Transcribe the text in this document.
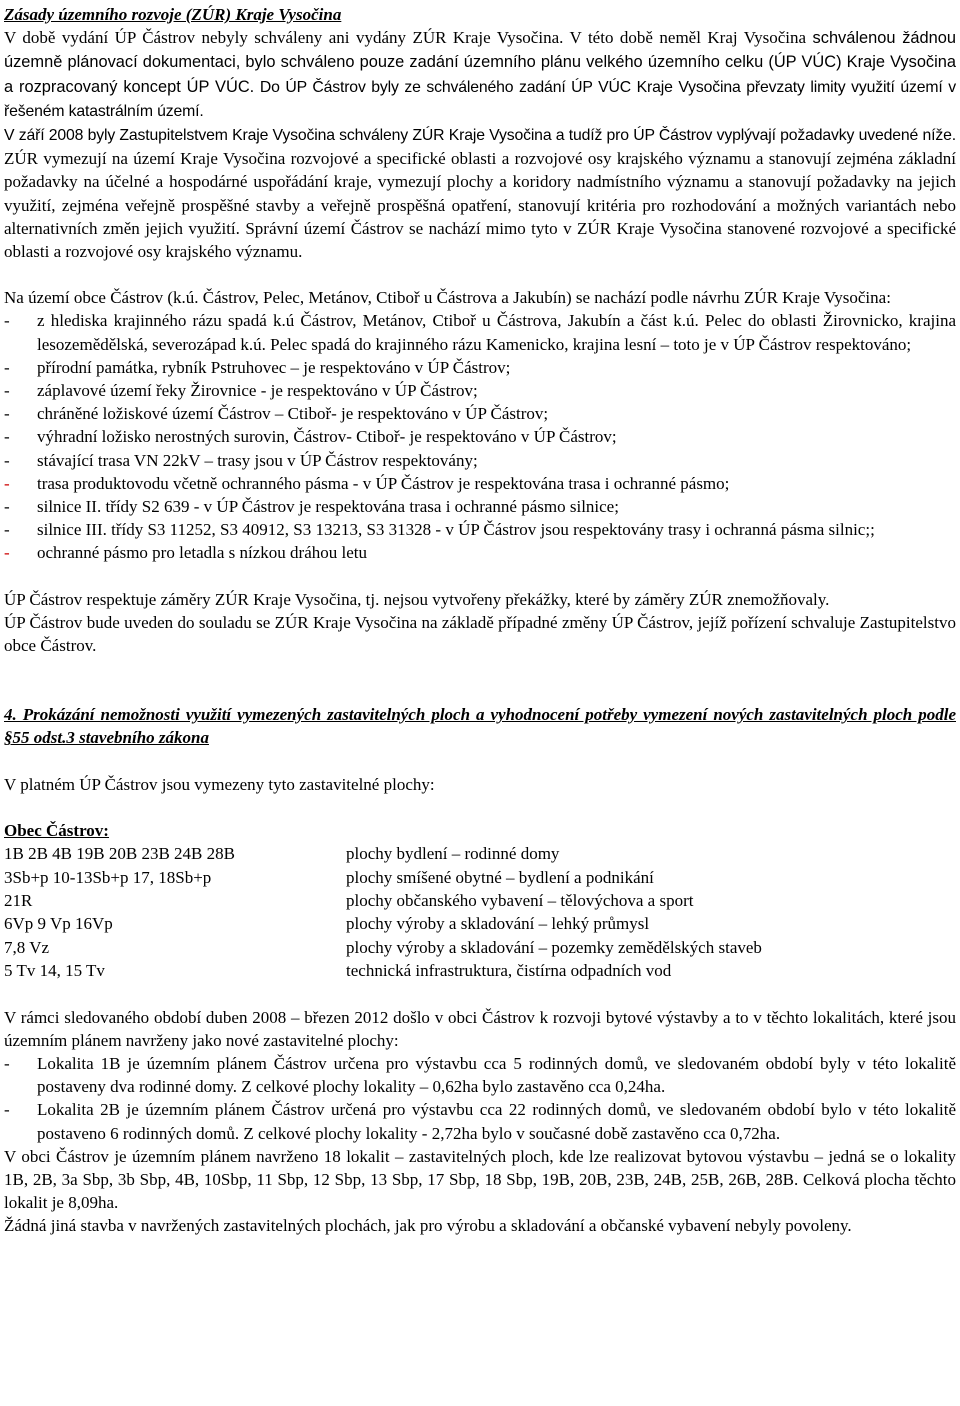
Zásady územního rozvoje (ZÚR) Kraje Vysočina

V době vydání ÚP Částrov nebyly schváleny ani vydány ZÚR Kraje Vysočina. V této době neměl Kraj Vysočina schválenou žádnou územně plánovací dokumentaci, bylo schváleno pouze zadání územního plánu velkého územního celku (ÚP VÚC) Kraje Vysočina a rozpracovaný koncept ÚP VÚC. Do ÚP Částrov byly ze schváleného zadání ÚP VÚC Kraje Vysočina převzaty limity využití území v řešeném katastrálním území.

V září 2008 byly Zastupitelstvem Kraje Vysočina schváleny ZÚR Kraje Vysočina a tudíž pro ÚP Částrov vyplývají požadavky uvedené níže. ZÚR vymezují na území Kraje Vysočina rozvojové a specifické oblasti a rozvojové osy krajského významu a stanovují zejména základní požadavky na účelné a hospodárné uspořádání kraje, vymezují plochy a koridory nadmístního významu a stanovují požadavky na jejich využití, zejména veřejně prospěšné stavby a veřejně prospěšná opatření, stanovují kritéria pro rozhodování a možných variantách nebo alternativních změn jejich využití. Správní území Částrov se nachází mimo tyto v ZÚR Kraje Vysočina stanovené rozvojové a specifické oblasti a rozvojové osy krajského významu.

Na území obce Částrov (k.ú. Částrov, Pelec, Metánov, Ctiboř u Částrova a Jakubín) se nachází podle návrhu ZÚR Kraje Vysočina:

- z hlediska krajinného rázu spadá k.ú Částrov, Metánov, Ctiboř u Částrova, Jakubín a část k.ú. Pelec do oblasti Žirovnicko, krajina lesozemědělská, severozápad k.ú. Pelec spadá do krajinného rázu Kamenicko, krajina lesní – toto je v ÚP Částrov respektováno;
- přírodní památka, rybník Pstruhovec – je respektováno v ÚP Částrov;
- záplavové území řeky Žirovnice - je respektováno v ÚP Částrov;
- chráněné ložiskové území Částrov – Ctiboř- je respektováno v ÚP Částrov;
- výhradní ložisko nerostných surovin, Částrov- Ctiboř- je respektováno v ÚP Částrov;
- stávající trasa VN 22kV – trasy jsou v ÚP Částrov respektovány;
- trasa produktovodu včetně ochranného pásma - v ÚP Částrov je respektována trasa i ochranné pásmo;
- silnice II. třídy S2 639 - v ÚP Částrov je respektována trasa i ochranné pásmo silnice;
- silnice III. třídy S3 11252, S3 40912, S3 13213, S3 31328 - v ÚP Částrov jsou respektovány trasy i ochranná pásma silnic;;
- ochranné pásmo pro letadla s nízkou dráhou letu

ÚP Částrov respektuje záměry ZÚR Kraje Vysočina, tj. nejsou vytvořeny překážky, které by záměry ZÚR znemožňovaly.

ÚP Částrov bude uveden do souladu se ZÚR Kraje Vysočina na základě případné změny ÚP Částrov, jejíž pořízení schvaluje Zastupitelstvo obce Částrov.

4. Prokázání nemožnosti využití vymezených zastavitelných ploch a vyhodnocení potřeby vymezení nových zastavitelných ploch podle §55 odst.3 stavebního zákona

V platném ÚP Částrov jsou vymezeny tyto zastavitelné plochy:

Obec Částrov:

1B 2B 4B 19B 20B 23B 24B 28B	plochy bydlení – rodinné domy
3Sb+p 10-13Sb+p 17, 18Sb+p	plochy smíšené obytné – bydlení a podnikání
21R	plochy občanského vybavení – tělovýchova a sport
6Vp 9 Vp 16Vp	plochy výroby a skladování – lehký průmysl
7,8 Vz	plochy výroby a skladování – pozemky zemědělských staveb
5 Tv 14, 15 Tv	technická infrastruktura, čistírna odpadních vod

V rámci sledovaného období duben 2008 – březen 2012 došlo v obci Částrov k rozvoji bytové výstavby a to v těchto lokalitách, které jsou územním plánem navrženy jako nové zastavitelné plochy:

- Lokalita 1B je územním plánem Částrov určena pro výstavbu cca 5 rodinných domů, ve sledovaném období byly v této lokalitě postaveny dva rodinné domy. Z celkové plochy lokality – 0,62ha bylo zastavěno cca 0,24ha.
- Lokalita 2B je územním plánem Částrov určená pro výstavbu cca 22 rodinných domů, ve sledovaném období bylo v této lokalitě postaveno 6 rodinných domů. Z celkové plochy lokality - 2,72ha bylo v současné době zastavěno cca 0,72ha.

V obci Částrov je územním plánem navrženo 18 lokalit – zastavitelných ploch, kde lze realizovat bytovou výstavbu – jedná se o lokality 1B, 2B, 3a Sbp, 3b Sbp, 4B, 10Sbp, 11 Sbp, 12 Sbp, 13 Sbp, 17 Sbp, 18 Sbp, 19B, 20B, 23B, 24B, 25B, 26B, 28B. Celková plocha těchto lokalit je 8,09ha.

Žádná jiná stavba v navržených zastavitelných plochách, jak pro výrobu a skladování a občanské vybavení nebyly povoleny.
